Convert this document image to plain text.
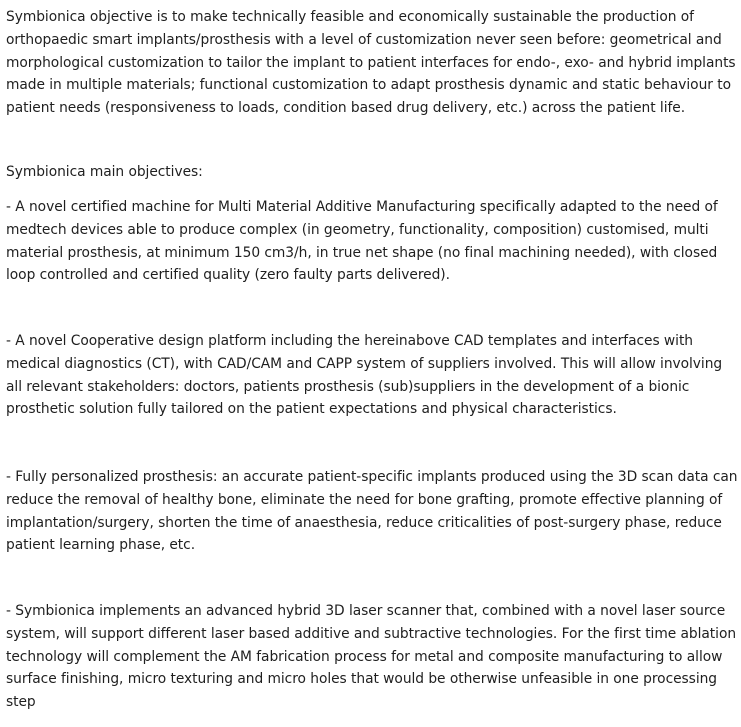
Symbionica objective is to make technically feasible and economically sustainable the production of orthopaedic smart implants/prosthesis with a level of customization never seen before: geometrical and morphological customization to tailor the implant to patient interfaces for endo-, exo- and hybrid implants made in multiple materials; functional customization to adapt prosthesis dynamic and static behaviour to patient needs (responsiveness to loads, condition based drug delivery, etc.) across the patient life.

Symbionica main objectives:

- A novel certified machine for Multi Material Additive Manufacturing specifically adapted to the need of medtech devices able to produce complex (in geometry, functionality, composition) customised, multi material prosthesis, at minimum 150 cm3/h, in true net shape (no final machining needed), with closed loop controlled and certified quality (zero faulty parts delivered).

- A novel Cooperative design platform including the hereinabove CAD templates and interfaces with medical diagnostics (CT), with CAD/CAM and CAPP system of suppliers involved. This will allow involving all relevant stakeholders: doctors, patients prosthesis (sub)suppliers in the development of a bionic prosthetic solution fully tailored on the patient expectations and physical characteristics.

- Fully personalized prosthesis: an accurate patient-specific implants produced using the 3D scan data can reduce the removal of healthy bone, eliminate the need for bone grafting, promote effective planning of implantation/surgery, shorten the time of anaesthesia, reduce criticalities of post-surgery phase, reduce patient learning phase, etc.

- Symbionica implements an advanced hybrid 3D laser scanner that, combined with a novel laser source system, will support different laser based additive and subtractive technologies. For the first time ablation technology will complement the AM fabrication process for metal and composite manufacturing to allow surface finishing, micro texturing and micro holes that would be otherwise unfeasible in one processing step
